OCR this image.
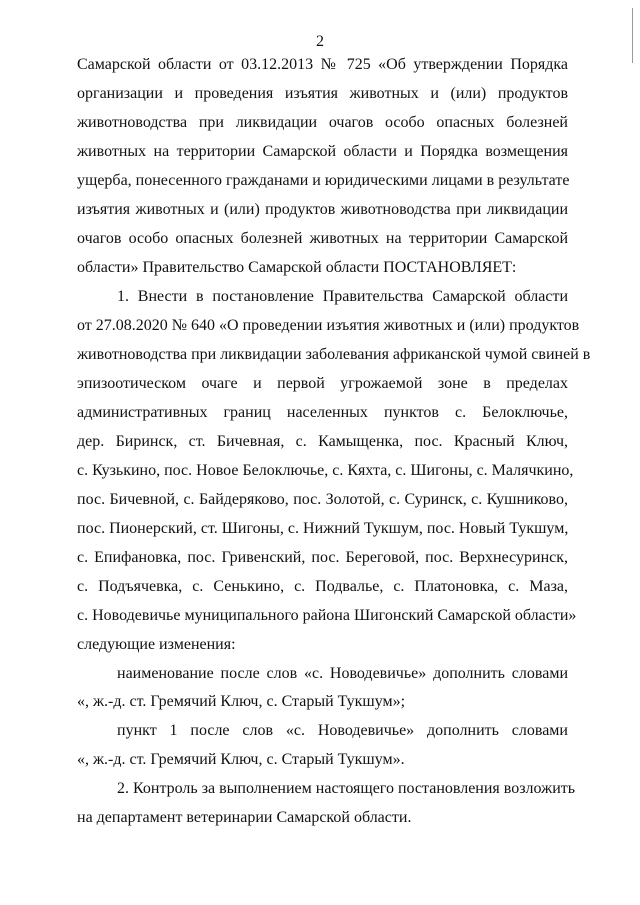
2
Самарской области от 03.12.2013 № 725 «Об утверждении Порядка
организации и проведения изъятия животных и (или) продуктов
животноводства при ликвидации очагов особо опасных болезней
животных на территории Самарской области и Порядка возмещения
ущерба, понесенного гражданами и юридическими лицами в результате
изъятия животных и (или) продуктов животноводства при ликвидации
очагов особо опасных болезней животных на территории Самарской
области» Правительство Самарской области ПОСТАНОВЛЯЕТ:
1. Внести в постановление Правительства Самарской области
от 27.08.2020 № 640 «О проведении изъятия животных и (или) продуктов
животноводства при ликвидации заболевания африканской чумой свиней в
эпизоотическом очаге и первой угрожаемой зоне в пределах
административных границ населенных пунктов с. Белоключье,
дер. Биринск, ст. Бичевная, с. Камыщенка, пос. Красный Ключ,
с. Кузькино, пос. Новое Белоключье, с. Кяхта, с. Шигоны, с. Малячкино,
пос. Бичевной, с. Байдеряково, пос. Золотой, с. Суринск, с. Кушниково,
пос. Пионерский, ст. Шигоны, с. Нижний Тукшум, пос. Новый Тукшум,
с. Епифановка, пос. Гривенский, пос. Береговой, пос. Верхнесуринск,
с. Подъячевка, с. Сенькино, с. Подвалье, с. Платоновка, с. Маза,
с. Новодевичье муниципального района Шигонский Самарской области»
следующие изменения:
наименование после слов «с. Новодевичье» дополнить словами
«, ж.-д. ст. Гремячий Ключ, с. Старый Тукшум»;
пункт 1 после слов «с. Новодевичье» дополнить словами
«, ж.-д. ст. Гремячий Ключ, с. Старый Тукшум».
2. Контроль за выполнением настоящего постановления возложить
на департамент ветеринарии Самарской области.
